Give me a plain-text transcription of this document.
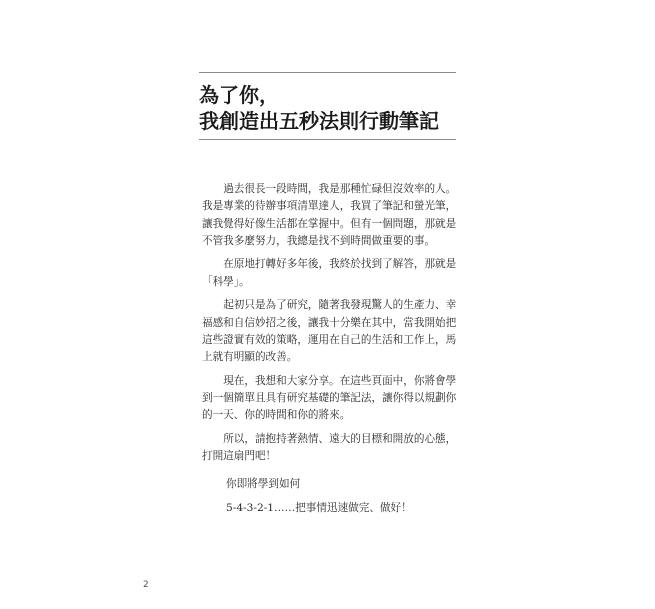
為了你，
我創造出五秒法則行動筆記

過去很長一段時間，我是那種忙碌但沒效率的人。
我是專業的待辦事項清單達人，我買了筆記和螢光筆，
讓我覺得好像生活都在掌握中。但有一個問題，那就是
不管我多麼努力，我總是找不到時間做重要的事。

在原地打轉好多年後，我終於找到了解答，那就是
「科學」。

起初只是為了研究，隨著我發現驚人的生產力、幸
福感和自信妙招之後，讓我十分樂在其中，當我開始把
這些證實有效的策略，運用在自己的生活和工作上，馬
上就有明顯的改善。

現在，我想和大家分享。在這些頁面中，你將會學
到一個簡單且具有研究基礎的筆記法，讓你得以規劃你
的一天、你的時間和你的將來。

所以，請抱持著熱情、遠大的目標和開放的心態，
打開這扇門吧！

你即將學到如何
5-4-3-2-1……把事情迅速做完、做好！
2
